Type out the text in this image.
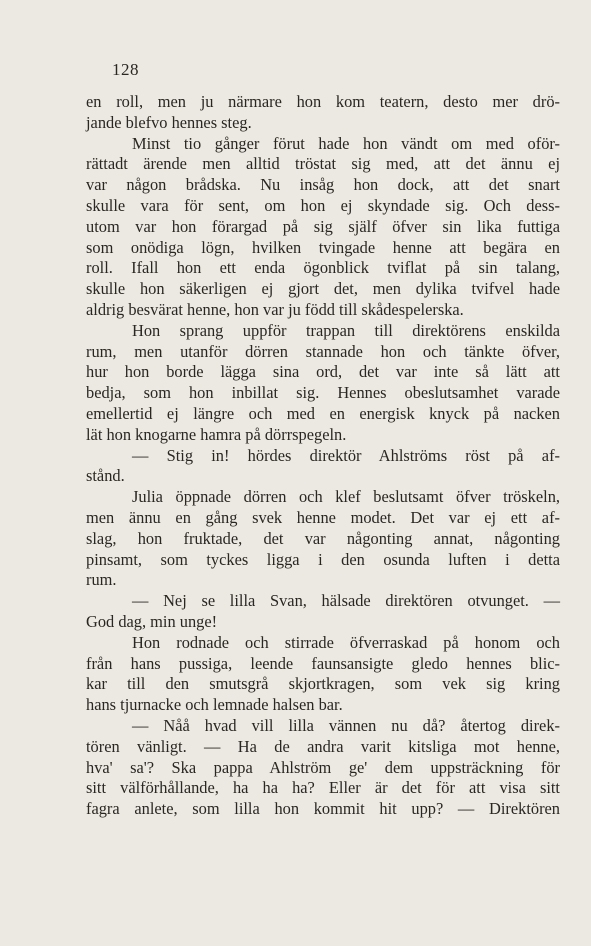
128
en roll, men ju närmare hon kom teatern, desto mer drö-
jande blefvo hennes steg.
Minst tio gånger förut hade hon vändt om med oför-
rättadt ärende men alltid tröstat sig med, att det ännu ej
var någon brådska. Nu insåg hon dock, att det snart
skulle vara för sent, om hon ej skyndade sig. Och dess-
utom var hon förargad på sig själf öfver sin lika futtiga
som onödiga lögn, hvilken tvingade henne att begära en
roll. Ifall hon ett enda ögonblick tviflat på sin talang,
skulle hon säkerligen ej gjort det, men dylika tvifvel hade
aldrig besvärat henne, hon var ju född till skådespelerska.
Hon sprang uppför trappan till direktörens enskilda
rum, men utanför dörren stannade hon och tänkte öfver,
hur hon borde lägga sina ord, det var inte så lätt att
bedja, som hon inbillat sig. Hennes obeslutsamhet varade
emellertid ej längre och med en energisk knyck på nacken
lät hon knogarne hamra på dörrspegeln.
— Stig in! hördes direktör Ahlströms röst på af-
stånd.
Julia öppnade dörren och klef beslutsamt öfver tröskeln,
men ännu en gång svek henne modet. Det var ej ett af-
slag, hon fruktade, det var någonting annat, någonting
pinsamt, som tyckes ligga i den osunda luften i detta
rum.
— Nej se lilla Svan, hälsade direktören otvunget. —
God dag, min unge!
Hon rodnade och stirrade öfverraskad på honom och
från hans pussiga, leende faunsansigte gledo hennes blic-
kar till den smutsgrå skjortkragen, som vek sig kring
hans tjurnacke och lemnade halsen bar.
— Nåå hvad vill lilla vännen nu då? återtog direk-
tören vänligt. — Ha de andra varit kitsliga mot henne,
hva' sa'? Ska pappa Ahlström ge' dem uppsträckning för
sitt välförhållande, ha ha ha? Eller är det för att visa sitt
fagra anlete, som lilla hon kommit hit upp? — Direktören
